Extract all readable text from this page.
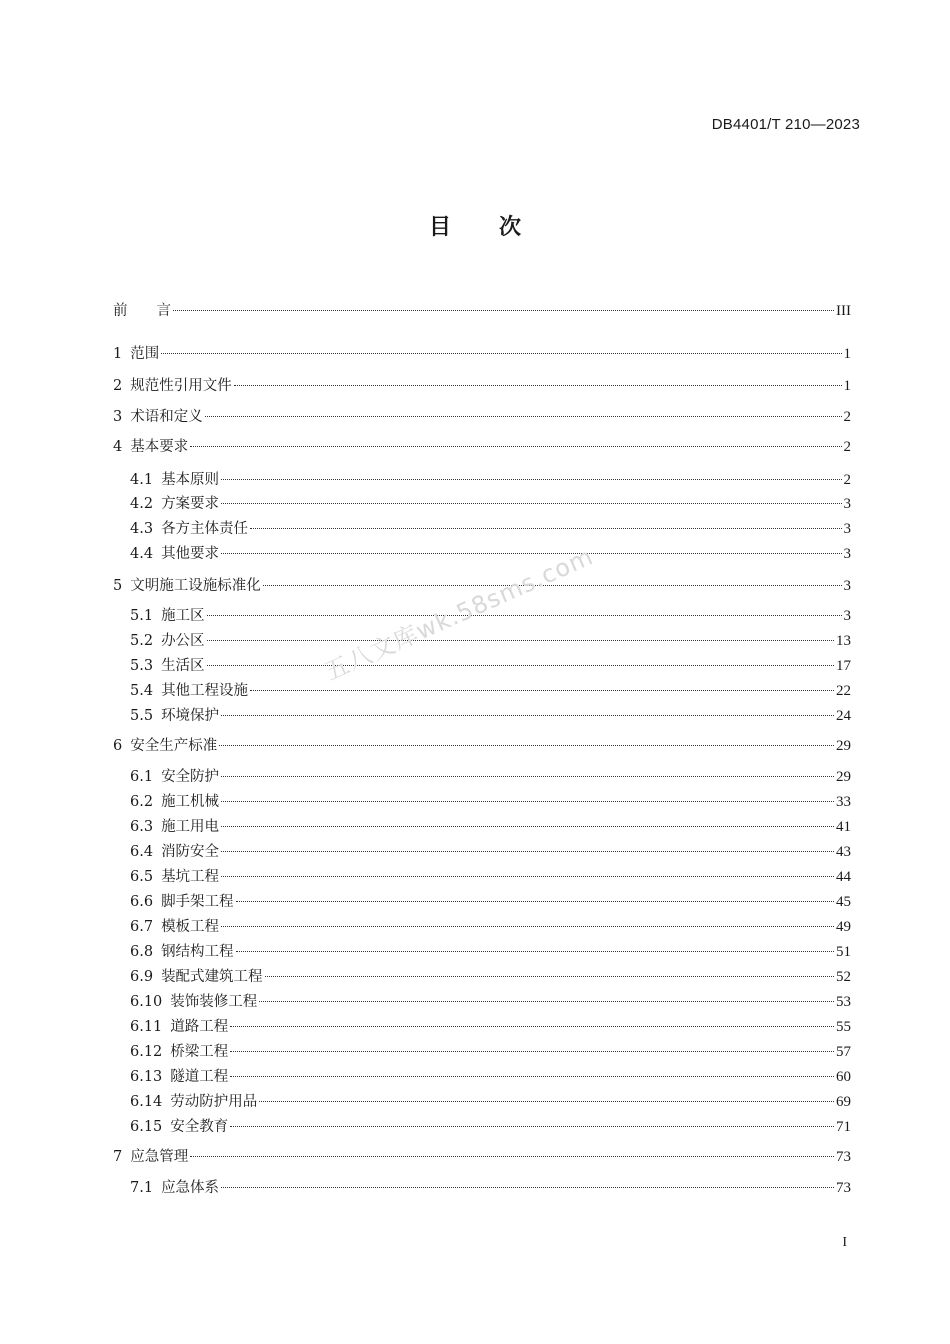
DB4401/T 210—2023
目次
前　　言	III
1 范围	1
2 规范性引用文件	1
3 术语和定义	2
4 基本要求	2
4.1 基本原则	2
4.2 方案要求	3
4.3 各方主体责任	3
4.4 其他要求	3
5 文明施工设施标准化	3
5.1 施工区	3
5.2 办公区	13
5.3 生活区	17
5.4 其他工程设施	22
5.5 环境保护	24
6 安全生产标准	29
6.1 安全防护	29
6.2 施工机械	33
6.3 施工用电	41
6.4 消防安全	43
6.5 基坑工程	44
6.6 脚手架工程	45
6.7 模板工程	49
6.8 钢结构工程	51
6.9 装配式建筑工程	52
6.10 装饰装修工程	53
6.11 道路工程	55
6.12 桥梁工程	57
6.13 隧道工程	60
6.14 劳动防护用品	69
6.15 安全教育	71
7 应急管理	73
7.1 应急体系	73
五八文库wk.58sms.com
I
